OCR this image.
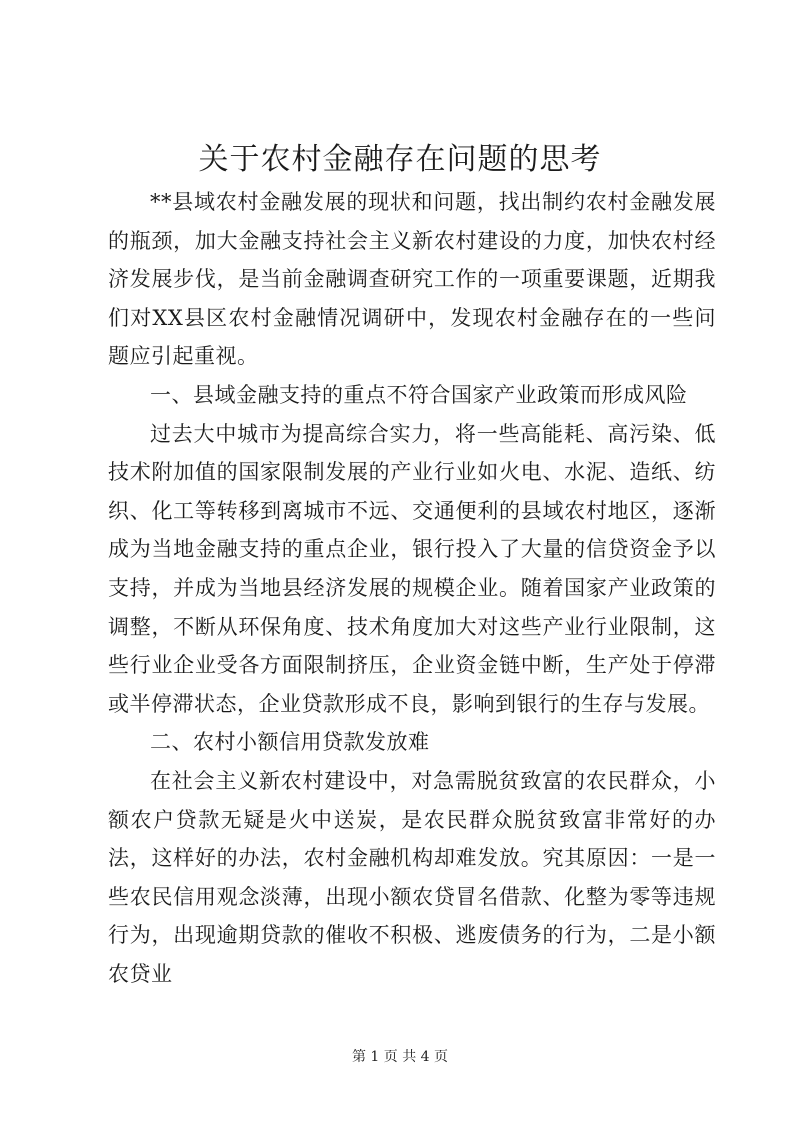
关于农村金融存在问题的思考

**县域农村金融发展的现状和问题，找出制约农村金融发展的瓶颈，加大金融支持社会主义新农村建设的力度，加快农村经济发展步伐，是当前金融调查研究工作的一项重要课题，近期我们对XX县区农村金融情况调研中，发现农村金融存在的一些问题应引起重视。

一、县域金融支持的重点不符合国家产业政策而形成风险

过去大中城市为提高综合实力，将一些高能耗、高污染、低技术附加值的国家限制发展的产业行业如火电、水泥、造纸、纺织、化工等转移到离城市不远、交通便利的县域农村地区，逐渐成为当地金融支持的重点企业，银行投入了大量的信贷资金予以支持，并成为当地县经济发展的规模企业。随着国家产业政策的调整，不断从环保角度、技术角度加大对这些产业行业限制，这些行业企业受各方面限制挤压，企业资金链中断，生产处于停滞或半停滞状态，企业贷款形成不良，影响到银行的生存与发展。

二、农村小额信用贷款发放难

在社会主义新农村建设中，对急需脱贫致富的农民群众，小额农户贷款无疑是火中送炭，是农民群众脱贫致富非常好的办法，这样好的办法，农村金融机构却难发放。究其原因：一是一些农民信用观念淡薄，出现小额农贷冒名借款、化整为零等违规行为，出现逾期贷款的催收不积极、逃废债务的行为，二是小额农贷业

第 1 页 共 4 页
